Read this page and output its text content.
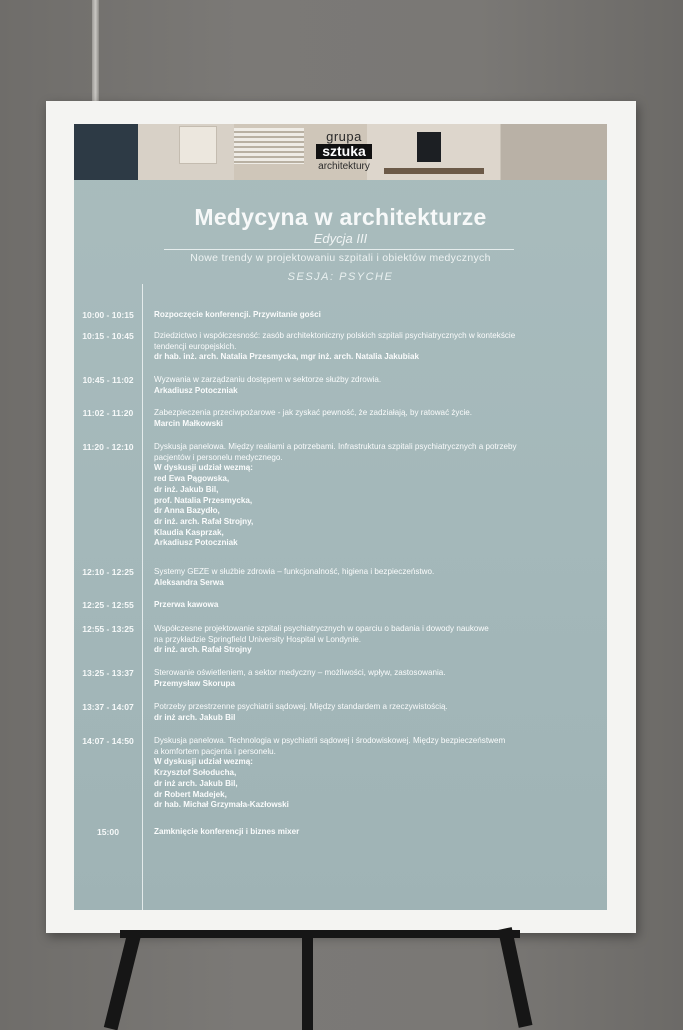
grupa
sztuka
architektury
Medycyna w architekturze
Edycja III
Nowe trendy w projektowaniu szpitali i obiektów medycznych
SESJA: PSYCHE
10:00 - 10:15	Rozpoczęcie konferencji. Przywitanie gości
10:15 - 10:45	Dziedzictwo i współczesność: zasób architektoniczny polskich szpitali psychiatrycznych w kontekście
tendencji europejskich.
dr hab. inż. arch. Natalia Przesmycka, mgr inż. arch. Natalia Jakubiak
10:45 - 11:02	Wyzwania w zarządzaniu dostępem w sektorze służby zdrowia.
Arkadiusz Potoczniak
11:02 - 11:20	Zabezpieczenia przeciwpożarowe - jak zyskać pewność, że zadziałają, by ratować życie.
Marcin Małkowski
11:20 - 12:10	Dyskusja panelowa. Między realiami a potrzebami. Infrastruktura szpitali psychiatrycznych a potrzeby
pacjentów i personelu medycznego.
W dyskusji udział wezmą:
red Ewa Pągowska,
dr inż. Jakub Bil,
prof. Natalia Przesmycka,
dr Anna Bazydło,
dr inż. arch. Rafał Strojny,
Klaudia Kasprzak,
Arkadiusz Potoczniak
12:10 - 12:25	Systemy GEZE w służbie zdrowia – funkcjonalność, higiena i bezpieczeństwo.
Aleksandra Serwa
12:25 - 12:55	Przerwa kawowa
12:55 - 13:25	Współczesne projektowanie szpitali psychiatrycznych w oparciu o badania i dowody naukowe
na przykładzie Springfield University Hospital w Londynie.
dr inż. arch. Rafał Strojny
13:25 - 13:37	Sterowanie oświetleniem, a sektor medyczny – możliwości, wpływ, zastosowania.
Przemysław Skorupa
13:37 - 14:07	Potrzeby przestrzenne psychiatrii sądowej. Między standardem a rzeczywistością.
dr inż arch. Jakub Bil
14:07 - 14:50	Dyskusja panelowa. Technologia w psychiatrii sądowej i środowiskowej. Między bezpieczeństwem
a komfortem pacjenta i personelu.
W dyskusji udział wezmą:
Krzysztof Sołoducha,
dr inż arch. Jakub Bil,
dr Robert Madejek,
dr hab. Michał Grzymała-Kazłowski
15:00	Zamknięcie konferencji i biznes mixer
